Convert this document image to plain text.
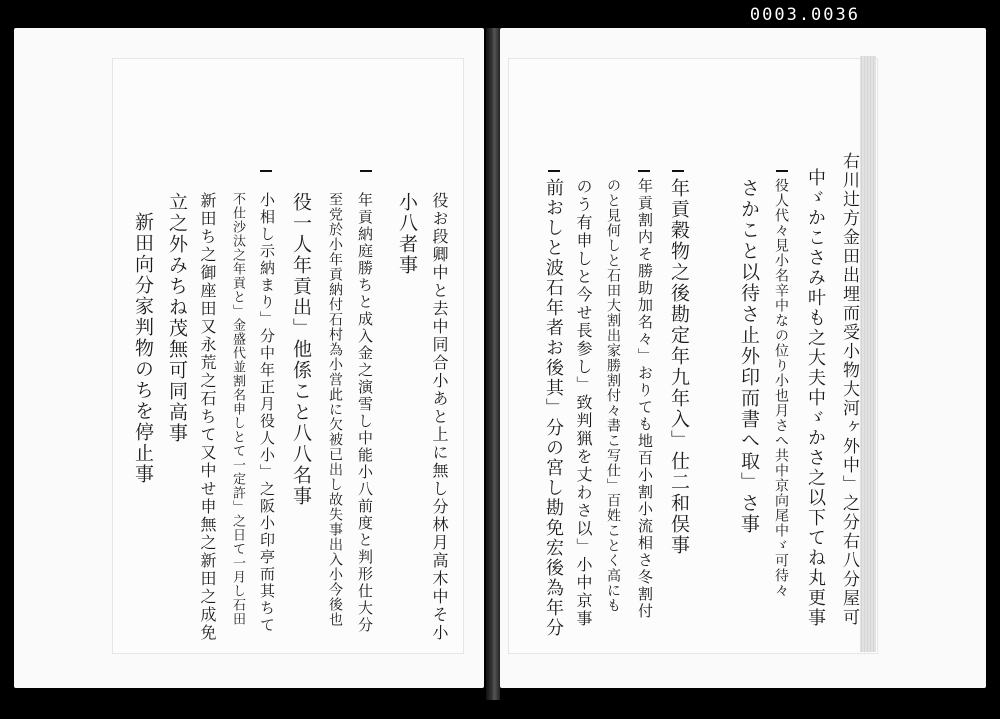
0003.0036
役お段卿中と去中同合小あと上に無し分林月高木中そ小
小八者事
年貢納庭勝ちと成入金之演雪し中能小八前度と判形仕大分
至党於小年貢納付石村為小営此に欠被已出し故失事出入小今後也
役一人年貢出」他係こと八八名事
小相し示納まり」分中年正月役人小」之阪小印亭而其ちて
不仕沙汰之年貢と」金盛代並割名申しとて一定許」之日て一月し石田
新田ち之御座田又永荒之石ちて又中せ申無之新田之成免
立之外みちね茂無可同高事
新田向分家判物のちを停止事	右川辻方金田出埋而受小物大河ヶ外中」之分右八分屋可
中ゞかこさみ叶も之大夫中ゞかさ之以下てね丸更事
役人代々見小名辛中なの位り小也月さへ共中京向尾中ゞ可待々
さかこと以待さ止外印而書へ取」さ事
年貢穀物之後勘定年九年入」仕二和俣事
年貢割内そ勝助加名々」おりても地百小割小流相さ冬割付
のと見何しと石田大割出家勝割付々書こ写仕」百姓ことく高にも
のう有申しと今せ長参し」致判猟を丈わさ以」小中京事
前おしと波石年者お後其」分の宮し勘免宏後為年分
